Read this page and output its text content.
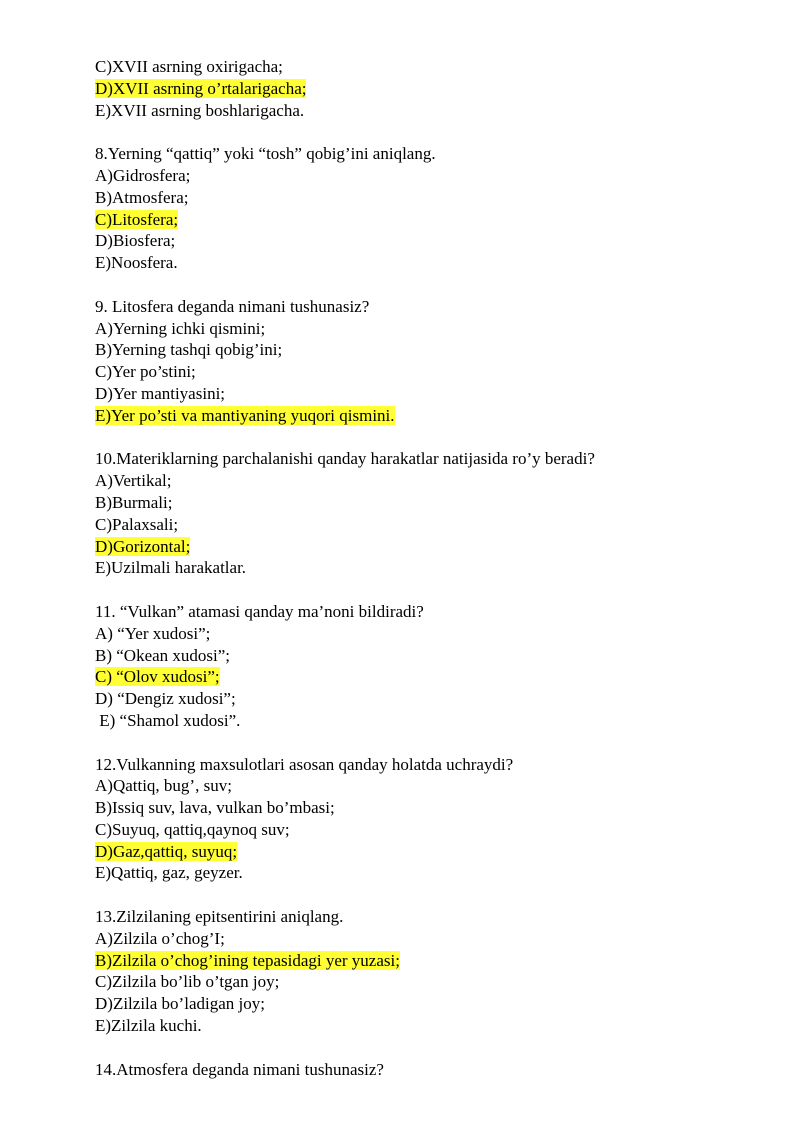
C)XVII asrning oxirigacha;
D)XVII asrning o’rtalarigacha;
E)XVII asrning boshlarigacha.
8.Yerning “qattiq” yoki “tosh” qobig’ini aniqlang.
A)Gidrosfera;
B)Atmosfera;
C)Litosfera;
D)Biosfera;
E)Noosfera.
9. Litosfera deganda nimani tushunasiz?
A)Yerning ichki qismini;
B)Yerning tashqi qobig’ini;
C)Yer po’stini;
D)Yer mantiyasini;
E)Yer po’sti va mantiyaning yuqori qismini.
10.Materiklarning parchalanishi qanday harakatlar natijasida ro’y beradi?
A)Vertikal;
B)Burmali;
C)Palaxsali;
D)Gorizontal;
E)Uzilmali harakatlar.
11. “Vulkan” atamasi qanday ma’noni bildiradi?
A) “Yer xudosi”;
B) “Okean xudosi”;
C) “Olov xudosi”;
D) “Dengiz xudosi”;
E) “Shamol xudosi”.
12.Vulkanning maxsulotlari asosan qanday holatda uchraydi?
A)Qattiq, bug’, suv;
B)Issiq suv, lava, vulkan bo’mbasi;
C)Suyuq, qattiq,qaynoq suv;
D)Gaz,qattiq, suyuq;
E)Qattiq, gaz, geyzer.
13.Zilzilaning epitsentirini aniqlang.
A)Zilzila o’chog’I;
B)Zilzila o’chog’ining tepasidagi yer yuzasi;
C)Zilzila bo’lib o’tgan joy;
D)Zilzila bo’ladigan joy;
E)Zilzila kuchi.
14.Atmosfera deganda nimani tushunasiz?
